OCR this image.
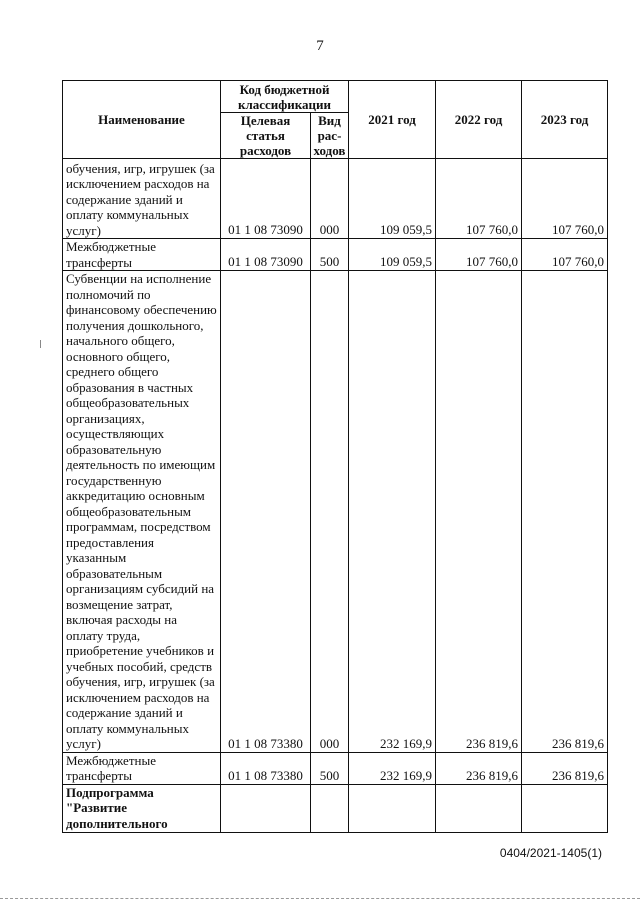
7
Наименование	Код бюджетной классификации		2021 год	2022 год	2023 год
	Целевая статья расходов	Вид рас-ходов			
обучения, игр, игрушек (за исключением расходов на содержание зданий и оплату коммунальных услуг)	01 1 08 73090	000	109 059,5	107 760,0	107 760,0
Межбюджетные трансферты	01 1 08 73090	500	109 059,5	107 760,0	107 760,0
Субвенции на исполнение полномочий по финансовому обеспечению получения дошкольного, начального общего, основного общего, среднего общего образования в частных общеобразовательных организациях, осуществляющих образовательную деятельность по имеющим государственную аккредитацию основным общеобразовательным программам, посредством предоставления указанным образовательным организациям субсидий на возмещение затрат, включая расходы на оплату труда, приобретение учебников и учебных пособий, средств обучения, игр, игрушек (за исключением расходов на содержание зданий и оплату коммунальных услуг)	01 1 08 73380	000	232 169,9	236 819,6	236 819,6
Межбюджетные трансферты	01 1 08 73380	500	232 169,9	236 819,6	236 819,6
Подпрограмма "Развитие дополнительного					
0404/2021-1405(1)
